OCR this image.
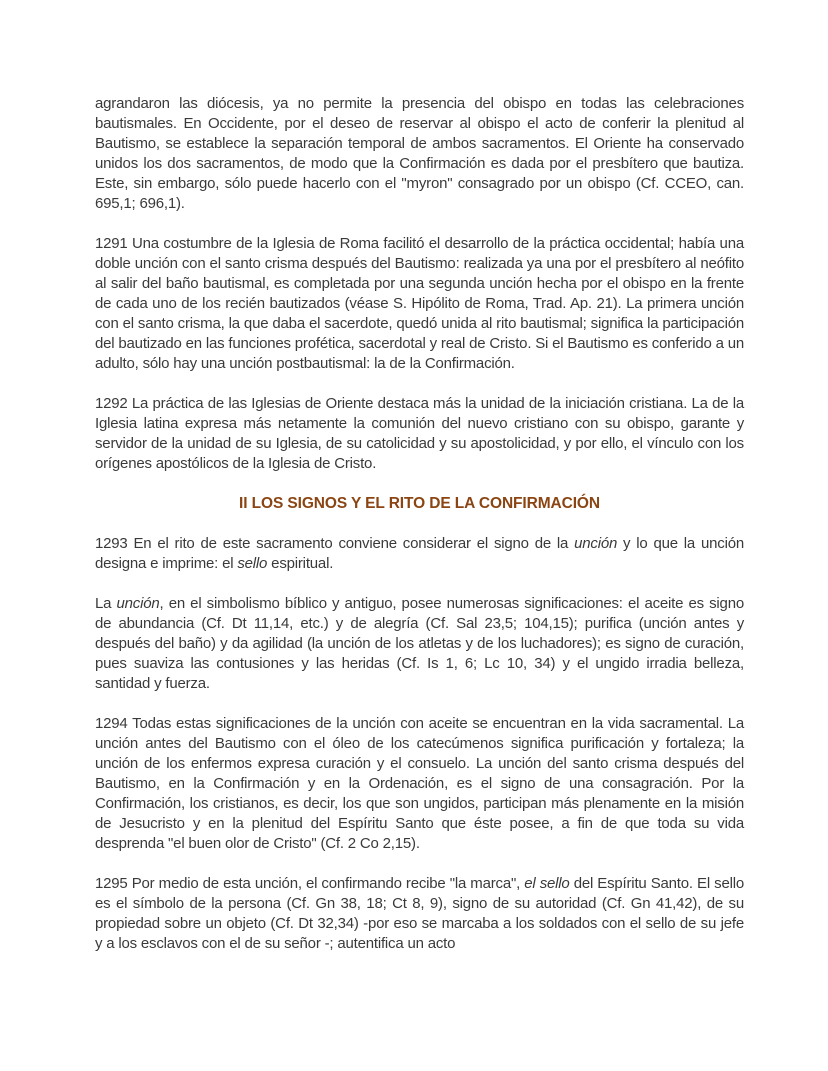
agrandaron las diócesis, ya no permite la presencia del obispo en todas las celebraciones bautismales. En Occidente, por el deseo de reservar al obispo el acto de conferir la plenitud al Bautismo, se establece la separación temporal de ambos sacramentos. El Oriente ha conservado unidos los dos sacramentos, de modo que la Confirmación es dada por el presbítero que bautiza. Este, sin embargo, sólo puede hacerlo con el "myron" consagrado por un obispo (Cf. CCEO, can. 695,1; 696,1).

1291 Una costumbre de la Iglesia de Roma facilitó el desarrollo de la práctica occidental; había una doble unción con el santo crisma después del Bautismo: realizada ya una por el presbítero al neófito al salir del baño bautismal, es completada por una segunda unción hecha por el obispo en la frente de cada uno de los recién bautizados (véase S. Hipólito de Roma, Trad. Ap. 21). La primera unción con el santo crisma, la que daba el sacerdote, quedó unida al rito bautismal; significa la participación del bautizado en las funciones profética, sacerdotal y real de Cristo. Si el Bautismo es conferido a un adulto, sólo hay una unción postbautismal: la de la Confirmación.

1292 La práctica de las Iglesias de Oriente destaca más la unidad de la iniciación cristiana. La de la Iglesia latina expresa más netamente la comunión del nuevo cristiano con su obispo, garante y servidor de la unidad de su Iglesia, de su catolicidad y su apostolicidad, y por ello, el vínculo con los orígenes apostólicos de la Iglesia de Cristo.

II LOS SIGNOS Y EL RITO DE LA CONFIRMACIÓN

1293 En el rito de este sacramento conviene considerar el signo de la unción y lo que la unción designa e imprime: el sello espiritual.

La unción, en el simbolismo bíblico y antiguo, posee numerosas significaciones: el aceite es signo de abundancia (Cf. Dt 11,14, etc.) y de alegría (Cf. Sal 23,5; 104,15); purifica (unción antes y después del baño) y da agilidad (la unción de los atletas y de los luchadores); es signo de curación, pues suaviza las contusiones y las heridas (Cf. Is 1, 6; Lc 10, 34) y el ungido irradia belleza, santidad y fuerza.

1294 Todas estas significaciones de la unción con aceite se encuentran en la vida sacramental. La unción antes del Bautismo con el óleo de los catecúmenos significa purificación y fortaleza; la unción de los enfermos expresa curación y el consuelo. La unción del santo crisma después del Bautismo, en la Confirmación y en la Ordenación, es el signo de una consagración. Por la Confirmación, los cristianos, es decir, los que son ungidos, participan más plenamente en la misión de Jesucristo y en la plenitud del Espíritu Santo que éste posee, a fin de que toda su vida desprenda "el buen olor de Cristo" (Cf. 2 Co 2,15).

1295 Por medio de esta unción, el confirmando recibe "la marca", el sello del Espíritu Santo. El sello es el símbolo de la persona (Cf. Gn 38, 18; Ct 8, 9), signo de su autoridad (Cf. Gn 41,42), de su propiedad sobre un objeto (Cf. Dt 32,34) -por eso se marcaba a los soldados con el sello de su jefe y a los esclavos con el de su señor -; autentifica un acto
